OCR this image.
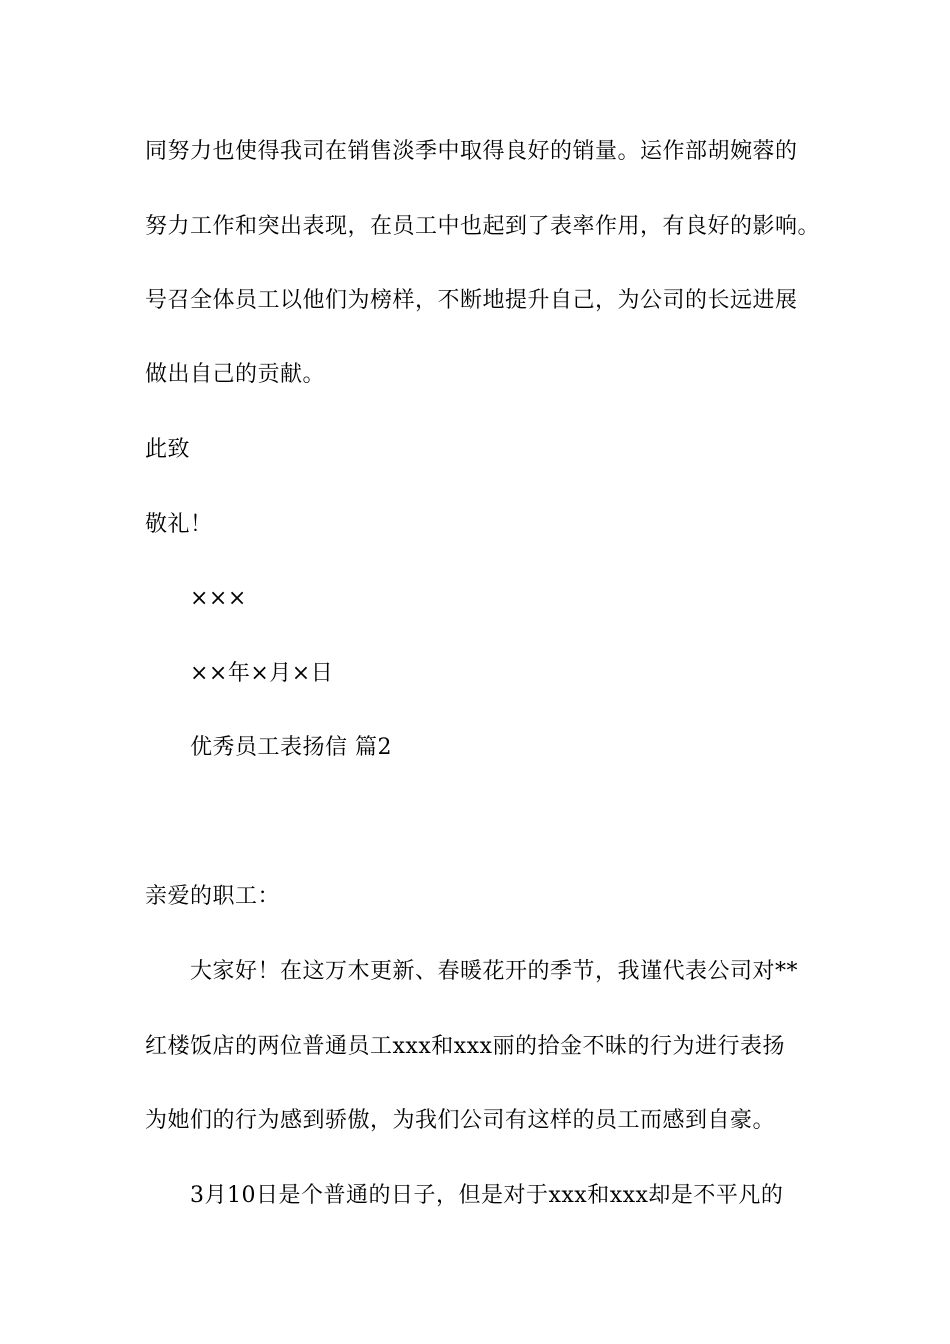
同努力也使得我司在销售淡季中取得良好的销量。运作部胡婉蓉的
努力工作和突出表现，在员工中也起到了表率作用，有良好的影响。
号召全体员工以他们为榜样，不断地提升自己，为公司的长远进展
做出自己的贡献。
此致
敬礼！
×××
××年×月×日
优秀员工表扬信 篇2
亲爱的职工：
大家好！在这万木更新、春暖花开的季节，我谨代表公司对**
红楼饭店的两位普通员工xxx和xxx丽的拾金不昧的行为进行表扬
为她们的行为感到骄傲，为我们公司有这样的员工而感到自豪。
3月10日是个普通的日子，但是对于xxx和xxx却是不平凡的
